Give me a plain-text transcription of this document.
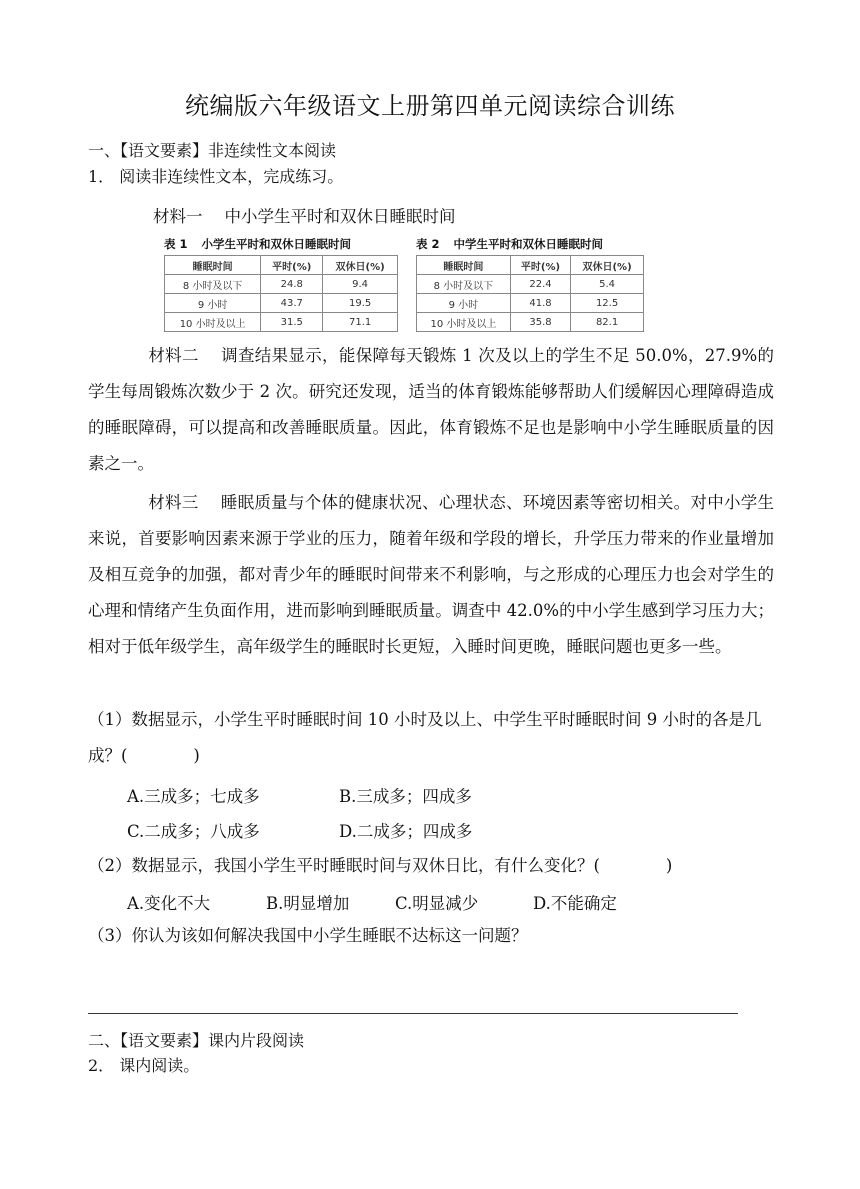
统编版六年级语文上册第四单元阅读综合训练
一、【语文要素】非连续性文本阅读
1． 阅读非连续性文本，完成练习。
材料一 中小学生平时和双休日睡眠时间
表 1 小学生平时和双休日睡眠时间
睡眠时间	平时(%)	双休日(%)
8 小时及以下	24.8	9.4
9 小时	43.7	19.5
10 小时及以上	31.5	71.1
表 2 中学生平时和双休日睡眠时间
睡眠时间	平时(%)	双休日(%)
8 小时及以下	22.4	5.4
9 小时	41.8	12.5
10 小时及以上	35.8	82.1
材料二 调查结果显示，能保障每天锻炼 1 次及以上的学生不足 50.0%，27.9%的学生每周锻炼次数少于 2 次。研究还发现，适当的体育锻炼能够帮助人们缓解因心理障碍造成的睡眠障碍，可以提高和改善睡眠质量。因此，体育锻炼不足也是影响中小学生睡眠质量的因素之一。
材料三 睡眠质量与个体的健康状况、心理状态、环境因素等密切相关。对中小学生来说，首要影响因素来源于学业的压力，随着年级和学段的增长，升学压力带来的作业量增加及相互竞争的加强，都对青少年的睡眠时间带来不利影响，与之形成的心理压力也会对学生的心理和情绪产生负面作用，进而影响到睡眠质量。调查中 42.0%的中小学生感到学习压力大；相对于低年级学生，高年级学生的睡眠时长更短，入睡时间更晚，睡眠问题也更多一些。
（1）数据显示，小学生平时睡眠时间 10 小时及以上、中学生平时睡眠时间 9 小时的各是几成？(　　　　)
A.三成多；七成多	B.三成多；四成多
C.二成多；八成多	D.二成多；四成多
（2）数据显示，我国小学生平时睡眠时间与双休日比，有什么变化？(　　　　)
A.变化不大	B.明显增加	C.明显减少	D.不能确定
（3）你认为该如何解决我国中小学生睡眠不达标这一问题？
二、【语文要素】课内片段阅读
2． 课内阅读。
